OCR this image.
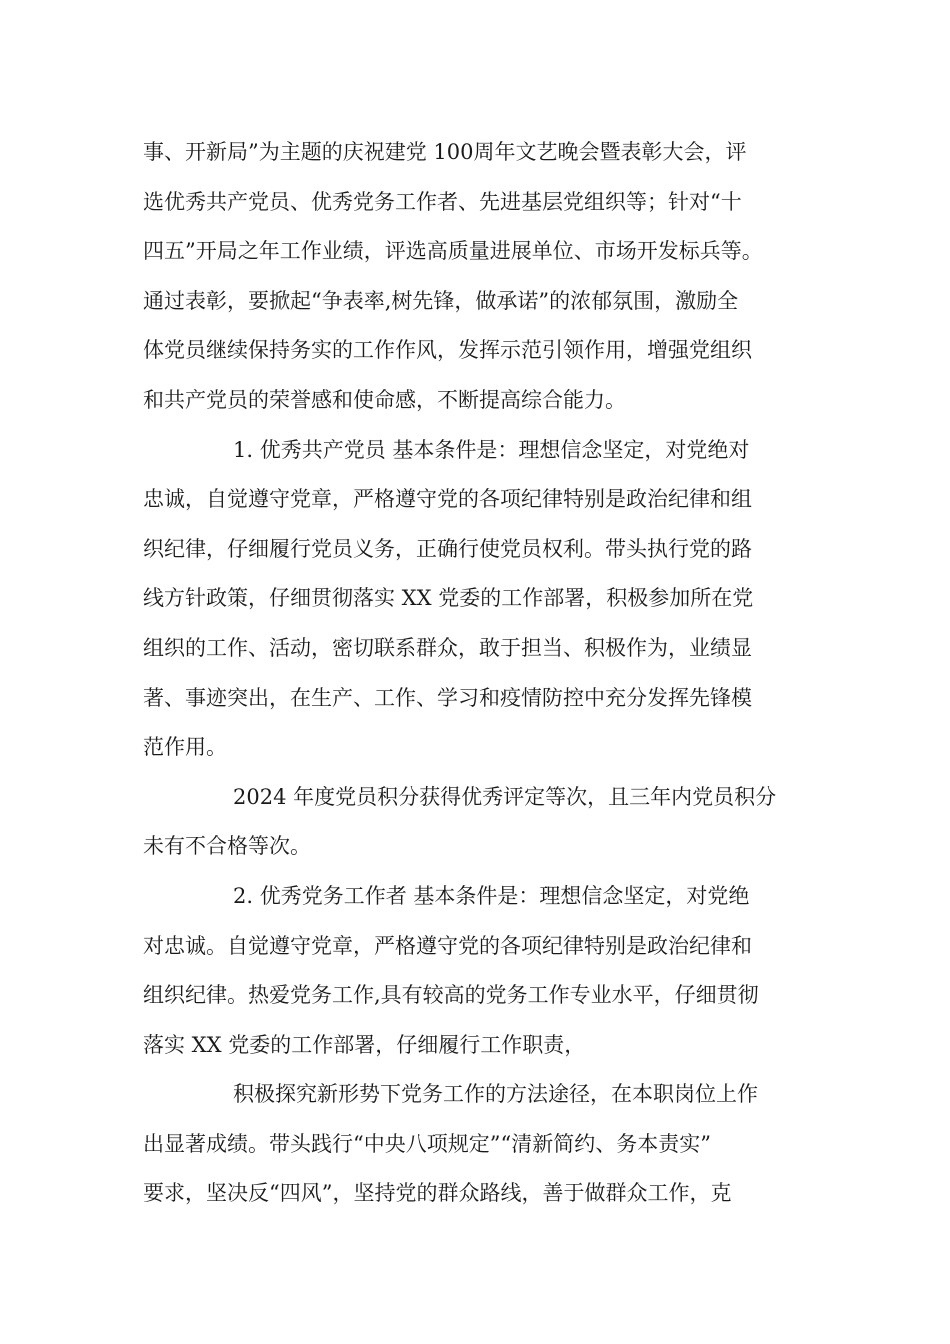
事、开新局”为主题的庆祝建党 100周年文艺晚会暨表彰大会，评
选优秀共产党员、优秀党务工作者、先进基层党组织等；针对“十
四五”开局之年工作业绩，评选高质量进展单位、市场开发标兵等。
通过表彰，要掀起“争表率,树先锋，做承诺”的浓郁氛围，激励全
体党员继续保持务实的工作作风，发挥示范引领作用，增强党组织
和共产党员的荣誉感和使命感，不断提高综合能力。
1. 优秀共产党员 基本条件是：理想信念坚定，对党绝对
忠诚，自觉遵守党章，严格遵守党的各项纪律特别是政治纪律和组
织纪律，仔细履行党员义务，正确行使党员权利。带头执行党的路
线方针政策，仔细贯彻落实 XX 党委的工作部署，积极参加所在党
组织的工作、活动，密切联系群众，敢于担当、积极作为，业绩显
著、事迹突出，在生产、工作、学习和疫情防控中充分发挥先锋模
范作用。
2024 年度党员积分获得优秀评定等次，且三年内党员积分
未有不合格等次。
2. 优秀党务工作者 基本条件是：理想信念坚定，对党绝
对忠诚。自觉遵守党章，严格遵守党的各项纪律特别是政治纪律和
组织纪律。热爱党务工作,具有较高的党务工作专业水平，仔细贯彻
落实 XX 党委的工作部署，仔细履行工作职责，
积极探究新形势下党务工作的方法途径，在本职岗位上作
出显著成绩。带头践行“中央八项规定”“清新简约、务本责实”
要求，坚决反“四风”，坚持党的群众路线，善于做群众工作，克
